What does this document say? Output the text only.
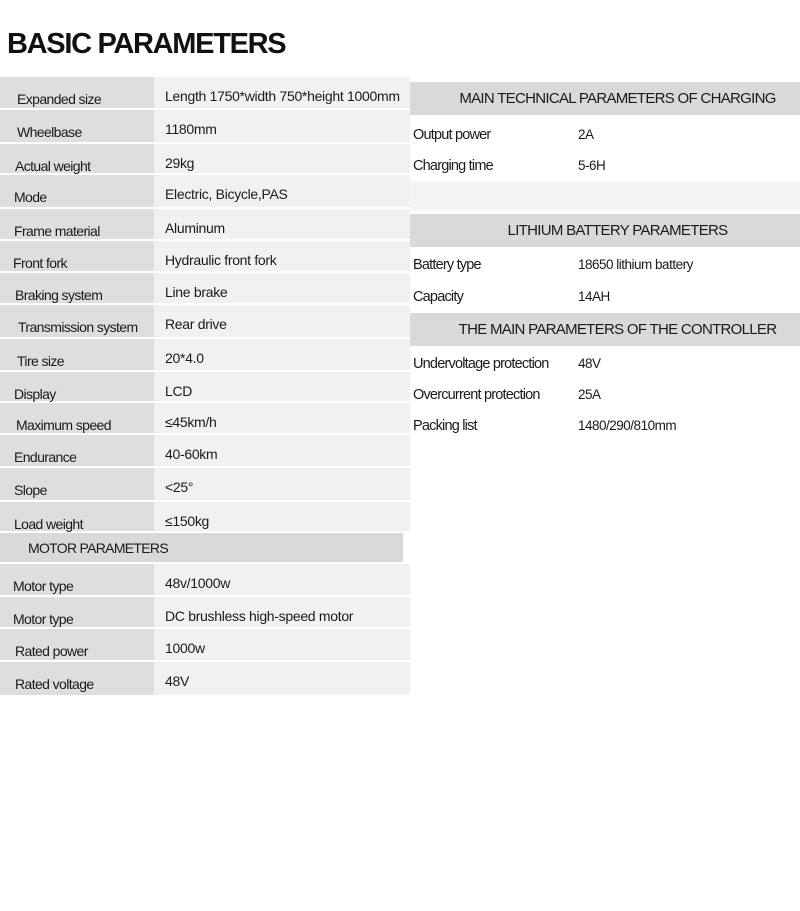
BASIC PARAMETERS
Expanded size	Length 1750*width 750*height 1000mm
Wheelbase	1180mm
Actual weight	29kg
Mode	Electric, Bicycle,PAS
Frame material	Aluminum
Front fork	Hydraulic front fork
Braking system	Line brake
Transmission system	Rear drive
Tire size	20*4.0
Display	LCD
Maximum speed	≤45km/h
Endurance	40-60km
Slope	<25°
Load weight	≤150kg
MOTOR PARAMETERS
Motor type	48v/1000w
Motor type	DC brushless high-speed motor
Rated power	1000w
Rated voltage	48V
MAIN TECHNICAL PARAMETERS OF CHARGING
Output power	2A
Charging time	5-6H
LITHIUM BATTERY PARAMETERS
Battery type	18650 lithium battery
Capacity	14AH
THE MAIN PARAMETERS OF THE CONTROLLER
Undervoltage protection 48V
Overcurrent protection	25A
Packing list	1480/290/810mm
